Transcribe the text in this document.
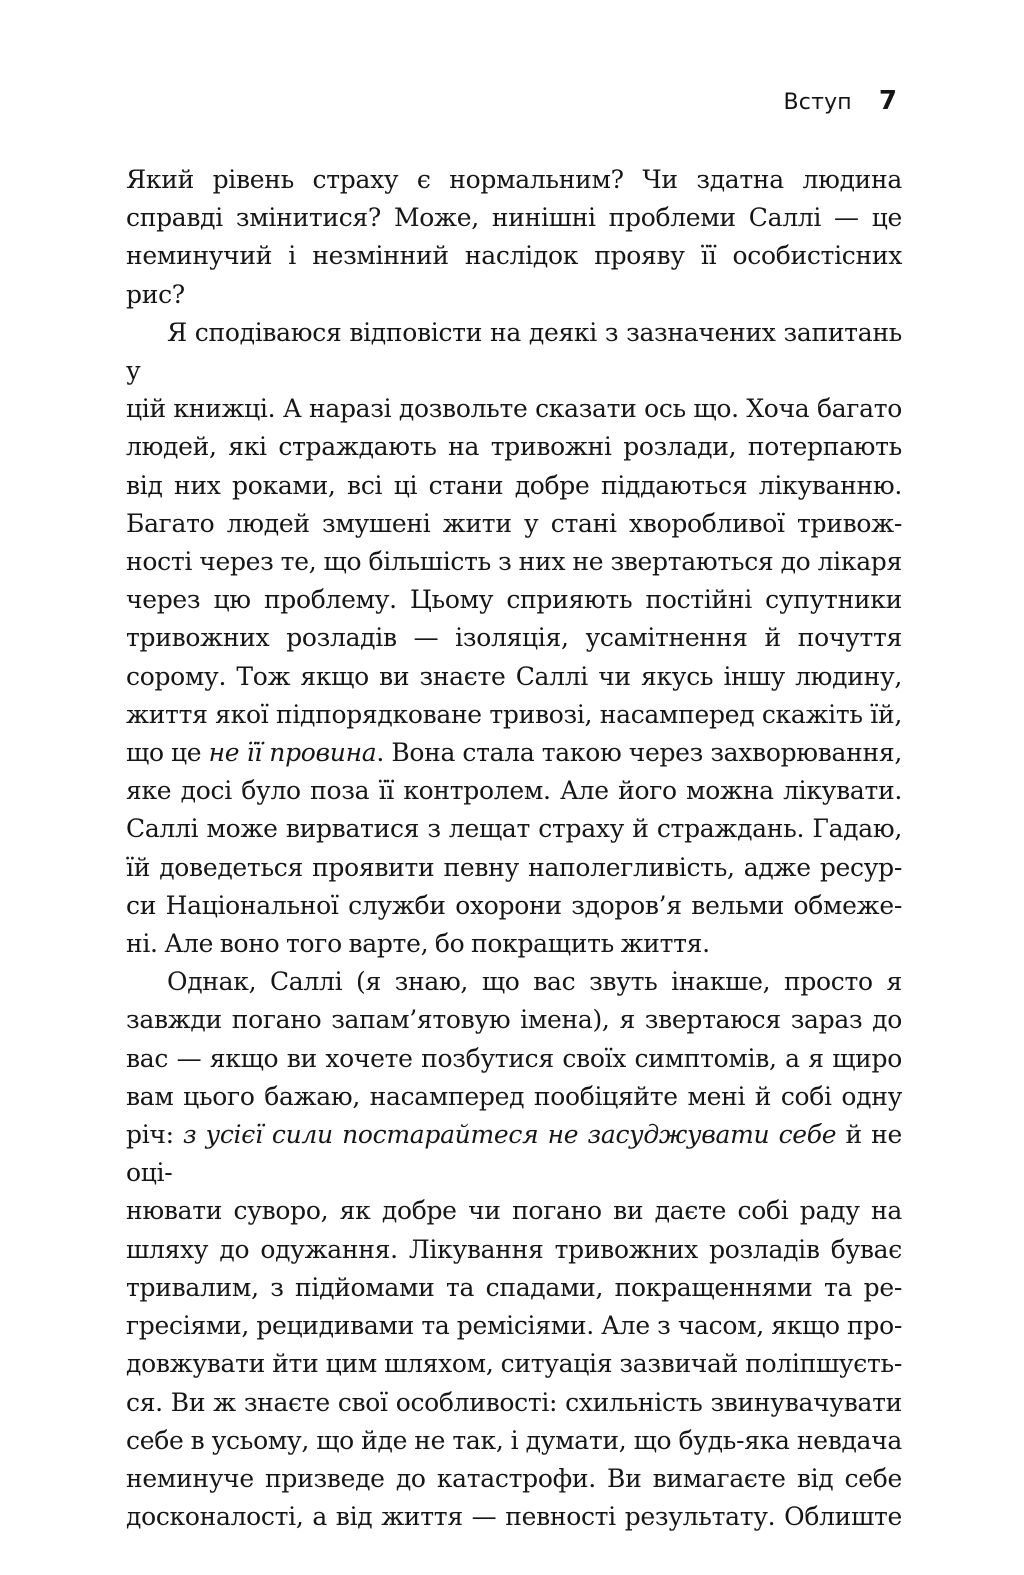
Вступ 7
Який рівень страху є нормальним? Чи здатна людина
справді змінитися? Може, нинішні проблеми Саллі — це
неминучий і незмінний наслідок прояву її особистісних
рис?
Я сподіваюся відповісти на деякі з зазначених запитань у
цій книжці. А наразі дозвольте сказати ось що. Хоча багато
людей, які страждають на тривожні розлади, потерпають
від них роками, всі ці стани добре піддаються лікуванню.
Багато людей змушені жити у стані хворобливої тривож-
ності через те, що більшість з них не звертаються до лікаря
через цю проблему. Цьому сприяють постійні супутники
тривожних розладів — ізоляція, усамітнення й почуття
сорому. Тож якщо ви знаєте Саллі чи якусь іншу людину,
життя якої підпорядковане тривозі, насамперед скажіть їй,
що це не її провина. Вона стала такою через захворювання,
яке досі було поза її контролем. Але його можна лікувати.
Саллі може вирватися з лещат страху й страждань. Гадаю,
їй доведеться проявити певну наполегливість, адже ресур-
си Національної служби охорони здоров’я вельми обмеже-
ні. Але воно того варте, бо покращить життя.
Однак, Саллі (я знаю, що вас звуть інакше, просто я
завжди погано запам’ятовую імена), я звертаюся зараз до
вас — якщо ви хочете позбутися своїх симптомів, а я щиро
вам цього бажаю, насамперед пообіцяйте мені й собі одну
річ: з усієї сили постарайтеся не засуджувати себе й не оці-
нювати суворо, як добре чи погано ви даєте собі раду на
шляху до одужання. Лікування тривожних розладів буває
тривалим, з підйомами та спадами, покращеннями та ре-
гресіями, рецидивами та ремісіями. Але з часом, якщо про-
довжувати йти цим шляхом, ситуація зазвичай поліпшуєть-
ся. Ви ж знаєте свої особливості: схильність звинувачувати
себе в усьому, що йде не так, і думати, що будь-яка невдача
неминуче призведе до катастрофи. Ви вимагаєте від себе
досконалості, а від життя — певності результату. Облиште
